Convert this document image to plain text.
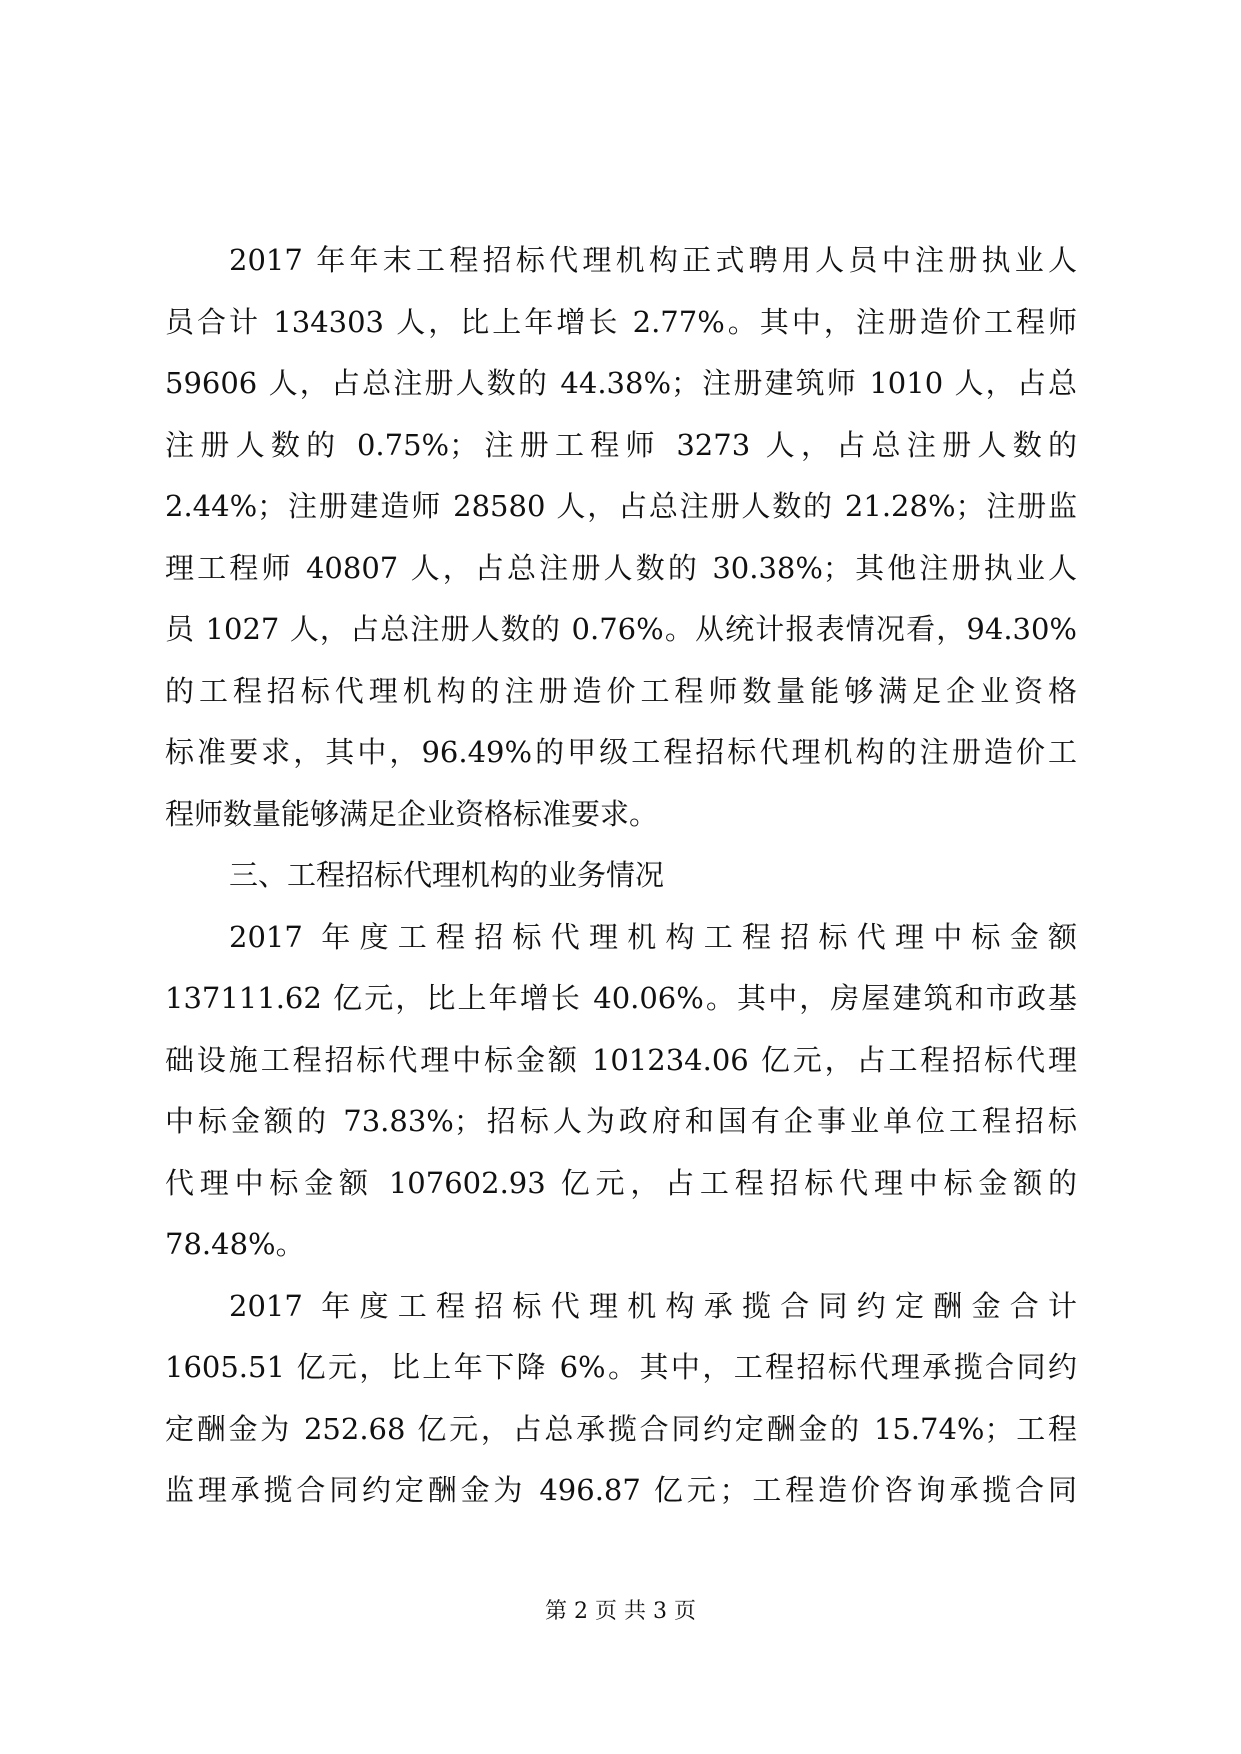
2017 年年末工程招标代理机构正式聘用人员中注册执业人
员合计 134303 人，比上年增长 2.77%。其中，注册造价工程师
59606 人，占总注册人数的 44.38%；注册建筑师 1010 人，占总
注册人数的 0.75%；注册工程师 3273 人，占总注册人数的
2.44%；注册建造师 28580 人，占总注册人数的 21.28%；注册监
理工程师 40807 人，占总注册人数的 30.38%；其他注册执业人
员 1027 人，占总注册人数的 0.76%。从统计报表情况看，94.30%
的工程招标代理机构的注册造价工程师数量能够满足企业资格
标准要求，其中，96.49%的甲级工程招标代理机构的注册造价工
程师数量能够满足企业资格标准要求。
三、工程招标代理机构的业务情况
2017 年度工程招标代理机构工程招标代理中标金额
137111.62 亿元，比上年增长 40.06%。其中，房屋建筑和市政基
础设施工程招标代理中标金额 101234.06 亿元，占工程招标代理
中标金额的 73.83%；招标人为政府和国有企事业单位工程招标
代理中标金额 107602.93 亿元，占工程招标代理中标金额的
78.48%。
2017 年度工程招标代理机构承揽合同约定酬金合计
1605.51 亿元，比上年下降 6%。其中，工程招标代理承揽合同约
定酬金为 252.68 亿元，占总承揽合同约定酬金的 15.74%；工程
监理承揽合同约定酬金为 496.87 亿元；工程造价咨询承揽合同
第 2 页 共 3 页
